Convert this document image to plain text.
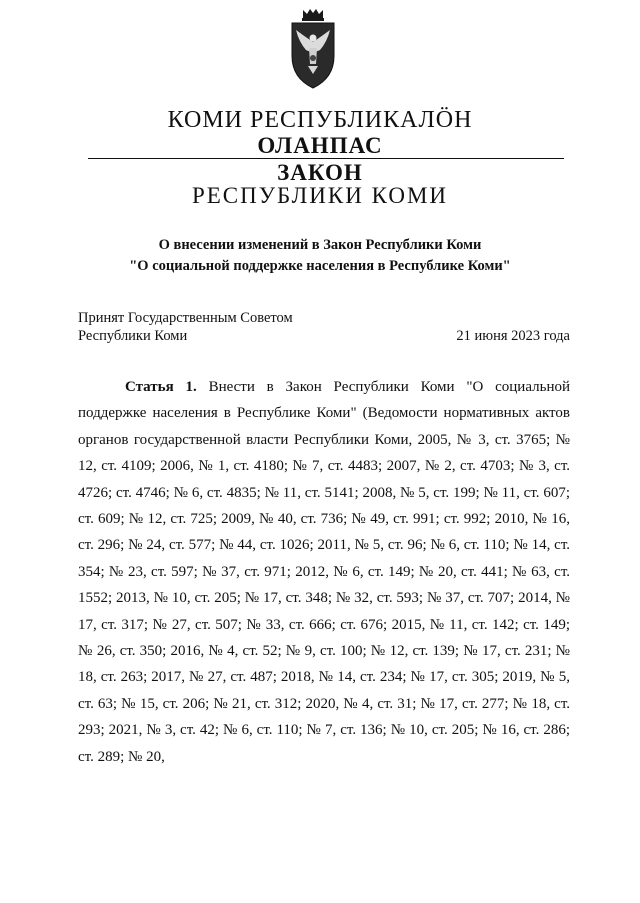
КОМИ РЕСПУБЛИКАЛӦН

ОЛАНПАС

ЗАКОН

РЕСПУБЛИКИ КОМИ

О внесении изменений в Закон Республики Коми

"О социальной поддержке населения в Республике Коми"

Принят Государственным Советом

Республики Коми	21 июня 2023 года

Статья 1. Внести в Закон Республики Коми "О социальной поддержке населения в Республике Коми" (Ведомости нормативных актов органов государственной власти Республики Коми, 2005, № 3, ст. 3765; № 12, ст. 4109; 2006, № 1, ст. 4180; № 7, ст. 4483; 2007, № 2, ст. 4703; № 3, ст. 4726; ст. 4746; № 6, ст. 4835; № 11, ст. 5141; 2008, № 5, ст. 199; № 11, ст. 607; ст. 609; № 12, ст. 725; 2009, № 40, ст. 736; № 49, ст. 991; ст. 992; 2010, № 16, ст. 296; № 24, ст. 577; № 44, ст. 1026; 2011, № 5, ст. 96; № 6, ст. 110; № 14, ст. 354; № 23, ст. 597; № 37, ст. 971; 2012, № 6, ст. 149; № 20, ст. 441; № 63, ст. 1552; 2013, № 10, ст. 205; № 17, ст. 348; № 32, ст. 593; № 37, ст. 707; 2014, № 17, ст. 317; № 27, ст. 507; № 33, ст. 666; ст. 676; 2015, № 11, ст. 142; ст. 149; № 26, ст. 350; 2016, № 4, ст. 52; № 9, ст. 100; № 12, ст. 139; № 17, ст. 231; № 18, ст. 263; 2017, № 27, ст. 487; 2018, № 14, ст. 234; № 17, ст. 305; 2019, № 5, ст. 63; № 15, ст. 206; № 21, ст. 312; 2020, № 4, ст. 31; № 17, ст. 277; № 18, ст. 293; 2021, № 3, ст. 42; № 6, ст. 110; № 7, ст. 136; № 10, ст. 205; № 16, ст. 286; ст. 289; № 20,
